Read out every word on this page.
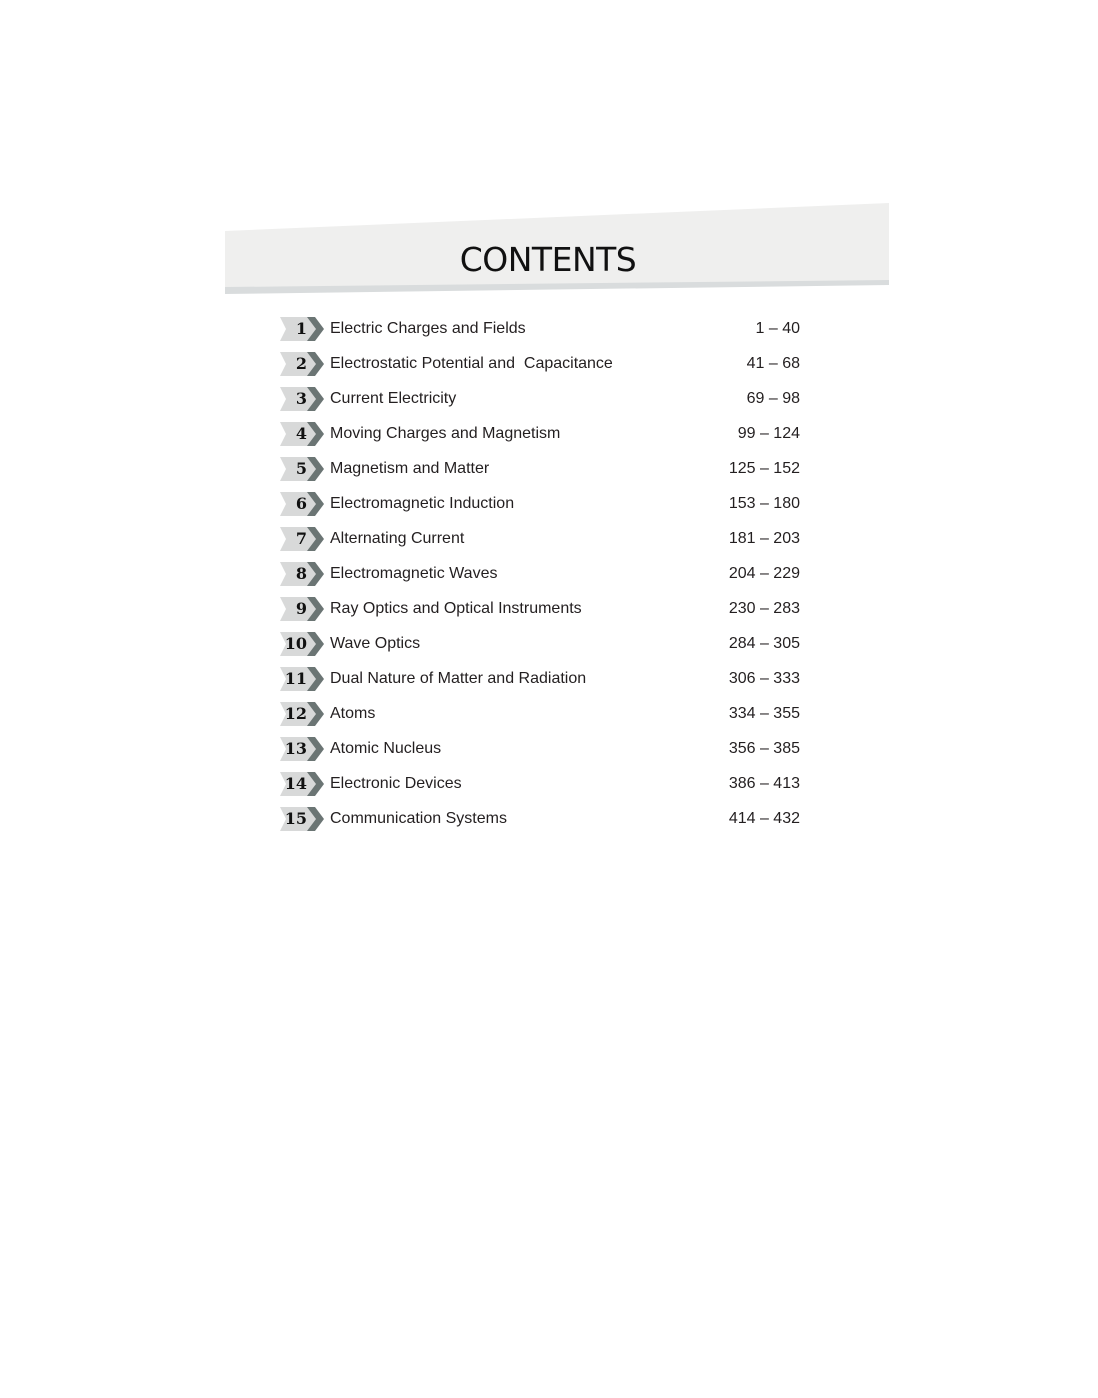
CONTENTS
1 Electric Charges and Fields	1 – 40
2 Electrostatic Potential and  Capacitance	41 – 68
3 Current Electricity	69 – 98
4 Moving Charges and Magnetism	99 – 124
5 Magnetism and Matter	125 – 152
6 Electromagnetic Induction	153 – 180
7 Alternating Current	181 – 203
8 Electromagnetic Waves	204 – 229
9 Ray Optics and Optical Instruments	230 – 283
10 Wave Optics	284 – 305
11 Dual Nature of Matter and Radiation	306 – 333
12 Atoms	334 – 355
13 Atomic Nucleus	356 – 385
14 Electronic Devices	386 – 413
15 Communication Systems	414 – 432
